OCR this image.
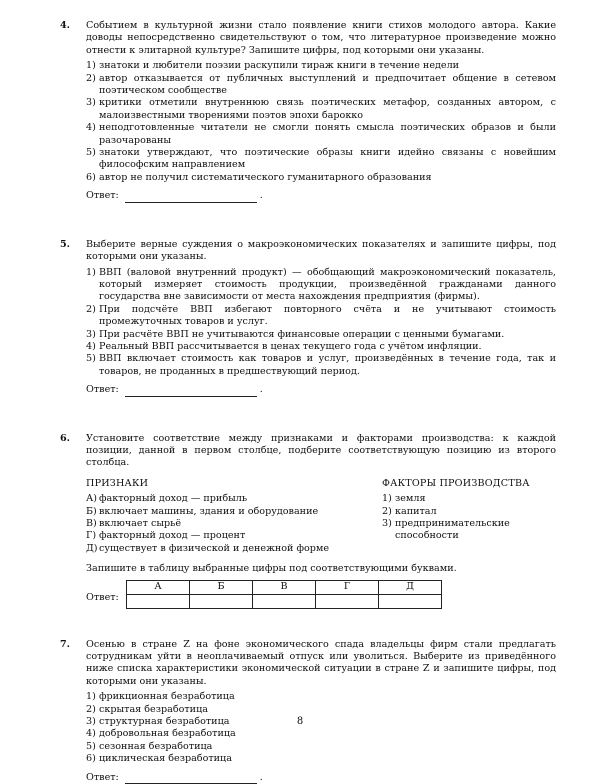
4. Событием в культурной жизни стало появление книги стихов молодого автора. Какие доводы непосредственно свидетельствуют о том, что литературное произведение можно отнести к элитарной культуре? Запишите цифры, под которыми они указаны.

1) знатоки и любители поэзии раскупили тираж книги в течение недели
2) автор отказывается от публичных выступлений и предпочитает общение в сетевом поэтическом сообществе
3) критики отметили внутреннюю связь поэтических метафор, созданных автором, с малоизвестными творениями поэтов эпохи барокко
4) неподготовленные читатели не смогли понять смысла поэтических образов и были разочарованы
5) знатоки утверждают, что поэтические образы книги идейно связаны с новейшим философским направлением
6) автор не получил систематического гуманитарного образования
Ответ:	.
5. Выберите верные суждения о макроэкономических показателях и запишите цифры, под которыми они указаны.

1) ВВП (валовой внутренний продукт) — обобщающий макроэкономический показатель, который измеряет стоимость продукции, произведённой гражданами данного государства вне зависимости от места нахождения предприятия (фирмы).
2) При подсчёте ВВП избегают повторного счёта и не учитывают стоимость промежуточных товаров и услуг.
3) При расчёте ВВП не учитываются финансовые операции с ценными бумагами.
4) Реальный ВВП рассчитывается в ценах текущего года с учётом инфляции.
5) ВВП включает стоимость как товаров и услуг, произведённых в течение года, так и товаров, не проданных в предшествующий период.
Ответ:	.
6. Установите соответствие между признаками и факторами производства: к каждой позиции, данной в первом столбце, подберите соответствующую позицию из второго столбца.

ПРИЗНАКИ
А) факторный доход — прибыль
Б) включает машины, здания и оборудование
В) включает сырьё
Г) факторный доход — процент
Д) существует в физической и денежной форме
ФАКТОРЫ ПРОИЗВОДСТВА
1) земля
2) капитал
3) предпринимательские способности
Запишите в таблицу выбранные цифры под соответствующими буквами.
Ответ:
А	Б	В	Г	Д

7. Осенью в стране Z на фоне экономического спада владельцы фирм стали предлагать сотрудникам уйти в неоплачиваемый отпуск или уволиться. Выберите из приведённого ниже списка характеристики экономической ситуации в стране Z и запишите цифры, под которыми они указаны.

1) фрикционная безработица
2) скрытая безработица
3) структурная безработица
4) добровольная безработица
5) сезонная безработица
6) циклическая безработица
Ответ:	.
8
